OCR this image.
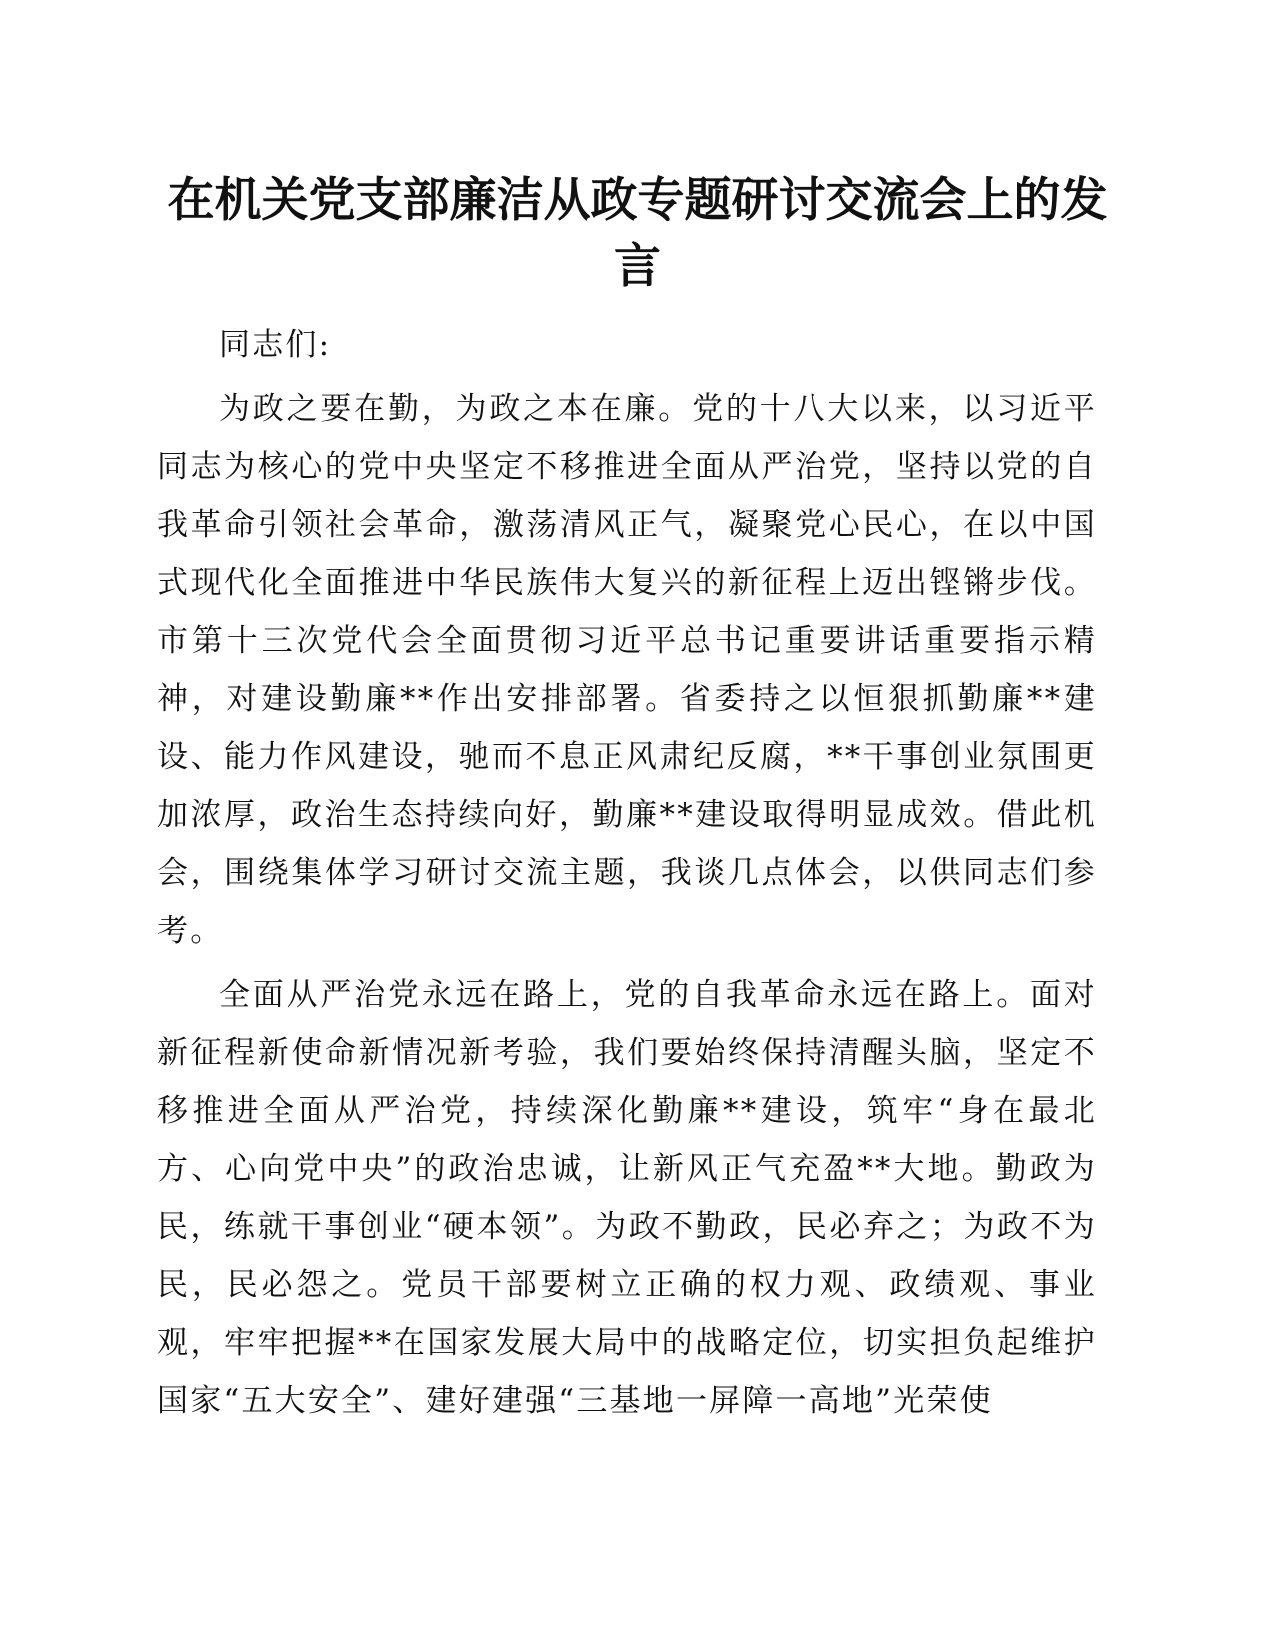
在机关党支部廉洁从政专题研讨交流会上的发言

同志们:

为政之要在勤，为政之本在廉。党的十八大以来，以习近平同志为核心的党中央坚定不移推进全面从严治党，坚持以党的自我革命引领社会革命，激荡清风正气，凝聚党心民心，在以中国式现代化全面推进中华民族伟大复兴的新征程上迈出铿锵步伐。市第十三次党代会全面贯彻习近平总书记重要讲话重要指示精神，对建设勤廉**作出安排部署。省委持之以恒狠抓勤廉**建设、能力作风建设，驰而不息正风肃纪反腐，**干事创业氛围更加浓厚，政治生态持续向好，勤廉**建设取得明显成效。借此机会，围绕集体学习研讨交流主题，我谈几点体会，以供同志们参考。

全面从严治党永远在路上，党的自我革命永远在路上。面对新征程新使命新情况新考验，我们要始终保持清醒头脑，坚定不移推进全面从严治党，持续深化勤廉**建设，筑牢“身在最北方、心向党中央”的政治忠诚，让新风正气充盈**大地。勤政为民，练就干事创业“硬本领”。为政不勤政，民必弃之；为政不为民，民必怨之。党员干部要树立正确的权力观、政绩观、事业观，牢牢把握**在国家发展大局中的战略定位，切实担负起维护国家“五大安全”、建好建强“三基地一屏障一高地”光荣使
